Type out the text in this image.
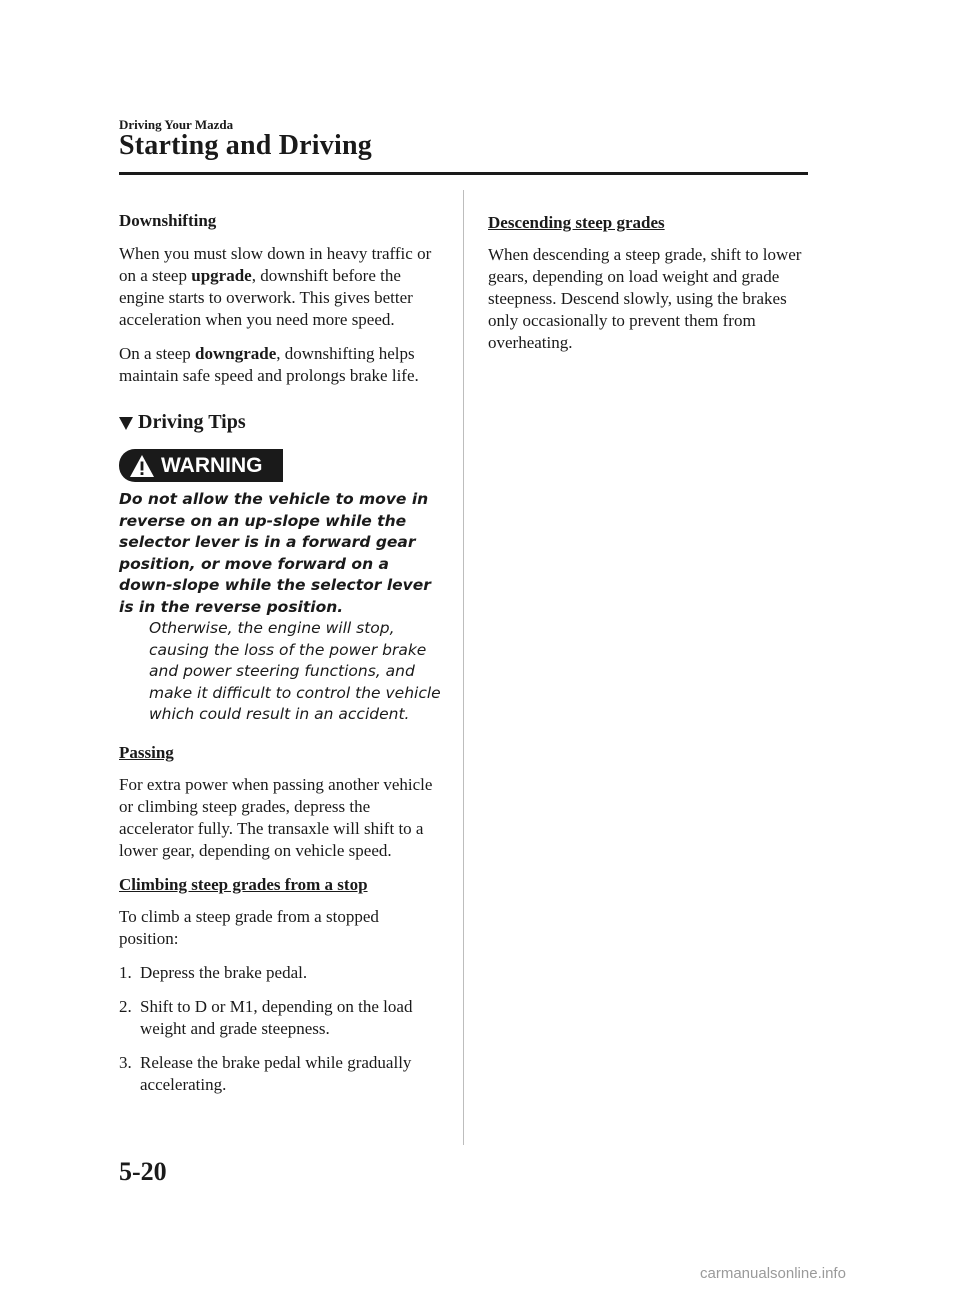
Driving Your Mazda
Starting and Driving
Downshifting

When you must slow down in heavy traffic or on a steep upgrade, downshift before the engine starts to overwork. This gives better acceleration when you need more speed.

On a steep downgrade, downshifting helps maintain safe speed and prolongs brake life.

Driving Tips
WARNING

Do not allow the vehicle to move in reverse on an up-slope while the selector lever is in a forward gear position, or move forward on a down-slope while the selector lever is in the reverse position.

Otherwise, the engine will stop, causing the loss of the power brake and power steering functions, and make it difficult to control the vehicle which could result in an accident.

Passing

For extra power when passing another vehicle or climbing steep grades, depress the accelerator fully. The transaxle will shift to a lower gear, depending on vehicle speed.

Climbing steep grades from a stop

To climb a steep grade from a stopped position:

1. Depress the brake pedal.
2. Shift to D or M1, depending on the load weight and grade steepness.
3. Release the brake pedal while gradually accelerating.
Descending steep grades

When descending a steep grade, shift to lower gears, depending on load weight and grade steepness. Descend slowly, using the brakes only occasionally to prevent them from overheating.

5-20
carmanualsonline.info
